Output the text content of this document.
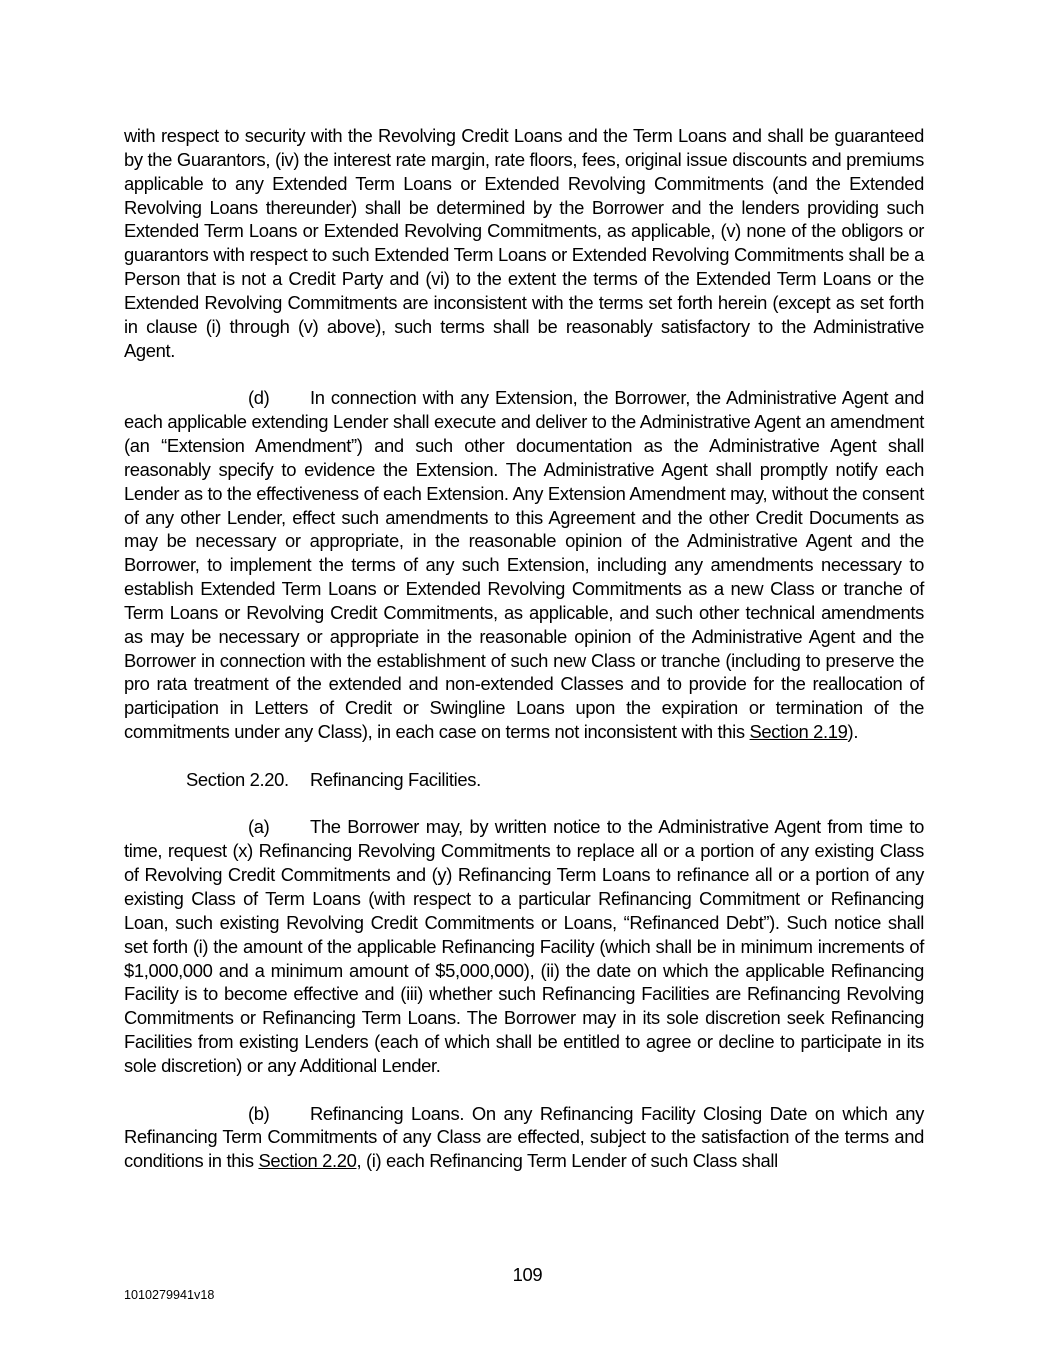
with respect to security with the Revolving Credit Loans and the Term Loans and shall be guaranteed by the Guarantors, (iv) the interest rate margin, rate floors, fees, original issue discounts and premiums applicable to any Extended Term Loans or Extended Revolving Commitments (and the Extended Revolving Loans thereunder) shall be determined by the Borrower and the lenders providing such Extended Term Loans or Extended Revolving Commitments, as applicable, (v) none of the obligors or guarantors with respect to such Extended Term Loans or Extended Revolving Commitments shall be a Person that is not a Credit Party and (vi) to the extent the terms of the Extended Term Loans or the Extended Revolving Commitments are inconsistent with the terms set forth herein (except as set forth in clause (i) through (v) above), such terms shall be reasonably satisfactory to the Administrative Agent.

(d) In connection with any Extension, the Borrower, the Administrative Agent and each applicable extending Lender shall execute and deliver to the Administrative Agent an amendment (an “Extension Amendment”) and such other documentation as the Administrative Agent shall reasonably specify to evidence the Extension. The Administrative Agent shall promptly notify each Lender as to the effectiveness of each Extension. Any Extension Amendment may, without the consent of any other Lender, effect such amendments to this Agreement and the other Credit Documents as may be necessary or appropriate, in the reasonable opinion of the Administrative Agent and the Borrower, to implement the terms of any such Extension, including any amendments necessary to establish Extended Term Loans or Extended Revolving Commitments as a new Class or tranche of Term Loans or Revolving Credit Commitments, as applicable, and such other technical amendments as may be necessary or appropriate in the reasonable opinion of the Administrative Agent and the Borrower in connection with the establishment of such new Class or tranche (including to preserve the pro rata treatment of the extended and non-extended Classes and to provide for the reallocation of participation in Letters of Credit or Swingline Loans upon the expiration or termination of the commitments under any Class), in each case on terms not inconsistent with this Section 2.19).

Section 2.20. Refinancing Facilities.

(a) The Borrower may, by written notice to the Administrative Agent from time to time, request (x) Refinancing Revolving Commitments to replace all or a portion of any existing Class of Revolving Credit Commitments and (y) Refinancing Term Loans to refinance all or a portion of any existing Class of Term Loans (with respect to a particular Refinancing Commitment or Refinancing Loan, such existing Revolving Credit Commitments or Loans, “Refinanced Debt”). Such notice shall set forth (i) the amount of the applicable Refinancing Facility (which shall be in minimum increments of $1,000,000 and a minimum amount of $5,000,000), (ii) the date on which the applicable Refinancing Facility is to become effective and (iii) whether such Refinancing Facilities are Refinancing Revolving Commitments or Refinancing Term Loans. The Borrower may in its sole discretion seek Refinancing Facilities from existing Lenders (each of which shall be entitled to agree or decline to participate in its sole discretion) or any Additional Lender.

(b) Refinancing Loans. On any Refinancing Facility Closing Date on which any Refinancing Term Commitments of any Class are effected, subject to the satisfaction of the terms and conditions in this Section 2.20, (i) each Refinancing Term Lender of such Class shall

109
1010279941v18
